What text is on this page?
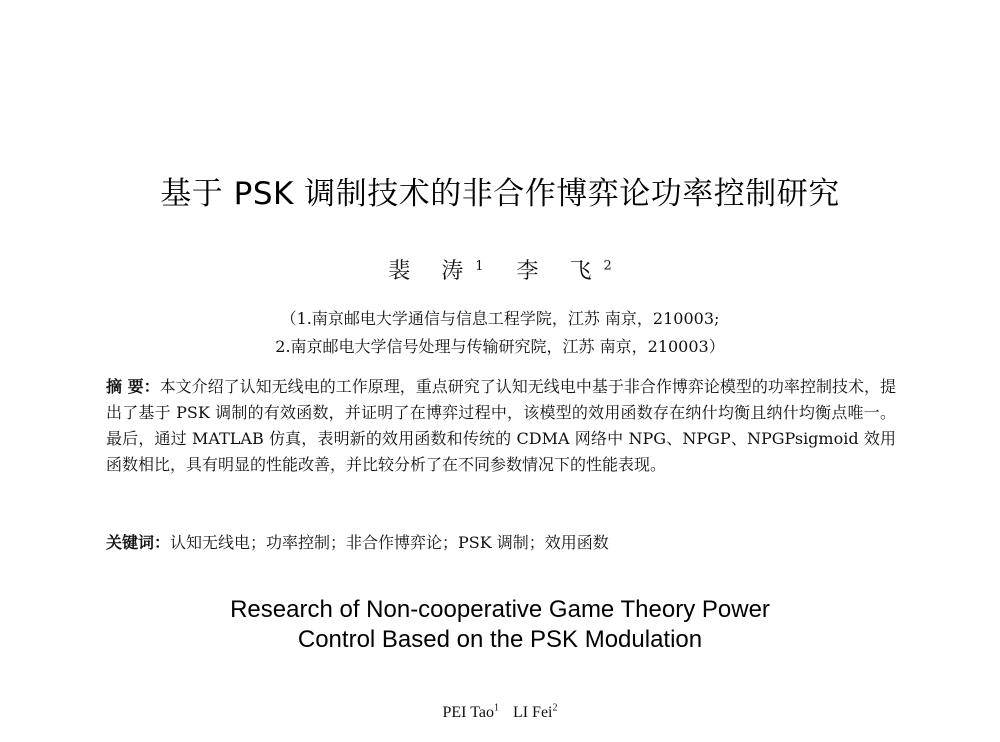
基于 PSK 调制技术的非合作博弈论功率控制研究
裴 涛$^1$ 李 飞$^2$
（1.南京邮电大学通信与信息工程学院，江苏 南京，210003;
2.南京邮电大学信号处理与传输研究院，江苏 南京，210003）
摘 要：本文介绍了认知无线电的工作原理，重点研究了认知无线电中基于非合作博弈论模型的功率控制技术，提出了基于 PSK 调制的有效函数，并证明了在博弈过程中，该模型的效用函数存在纳什均衡且纳什均衡点唯一。最后，通过 MATLAB 仿真，表明新的效用函数和传统的 CDMA 网络中 NPG、NPGP、NPGPsigmoid 效用函数相比，具有明显的性能改善，并比较分析了在不同参数情况下的性能表现。
关键词：认知无线电；功率控制；非合作博弈论；PSK 调制；效用函数
Research of Non-cooperative Game Theory Power
Control Based on the PSK Modulation
PEI Tao$^1$ LI Fei$^2$
